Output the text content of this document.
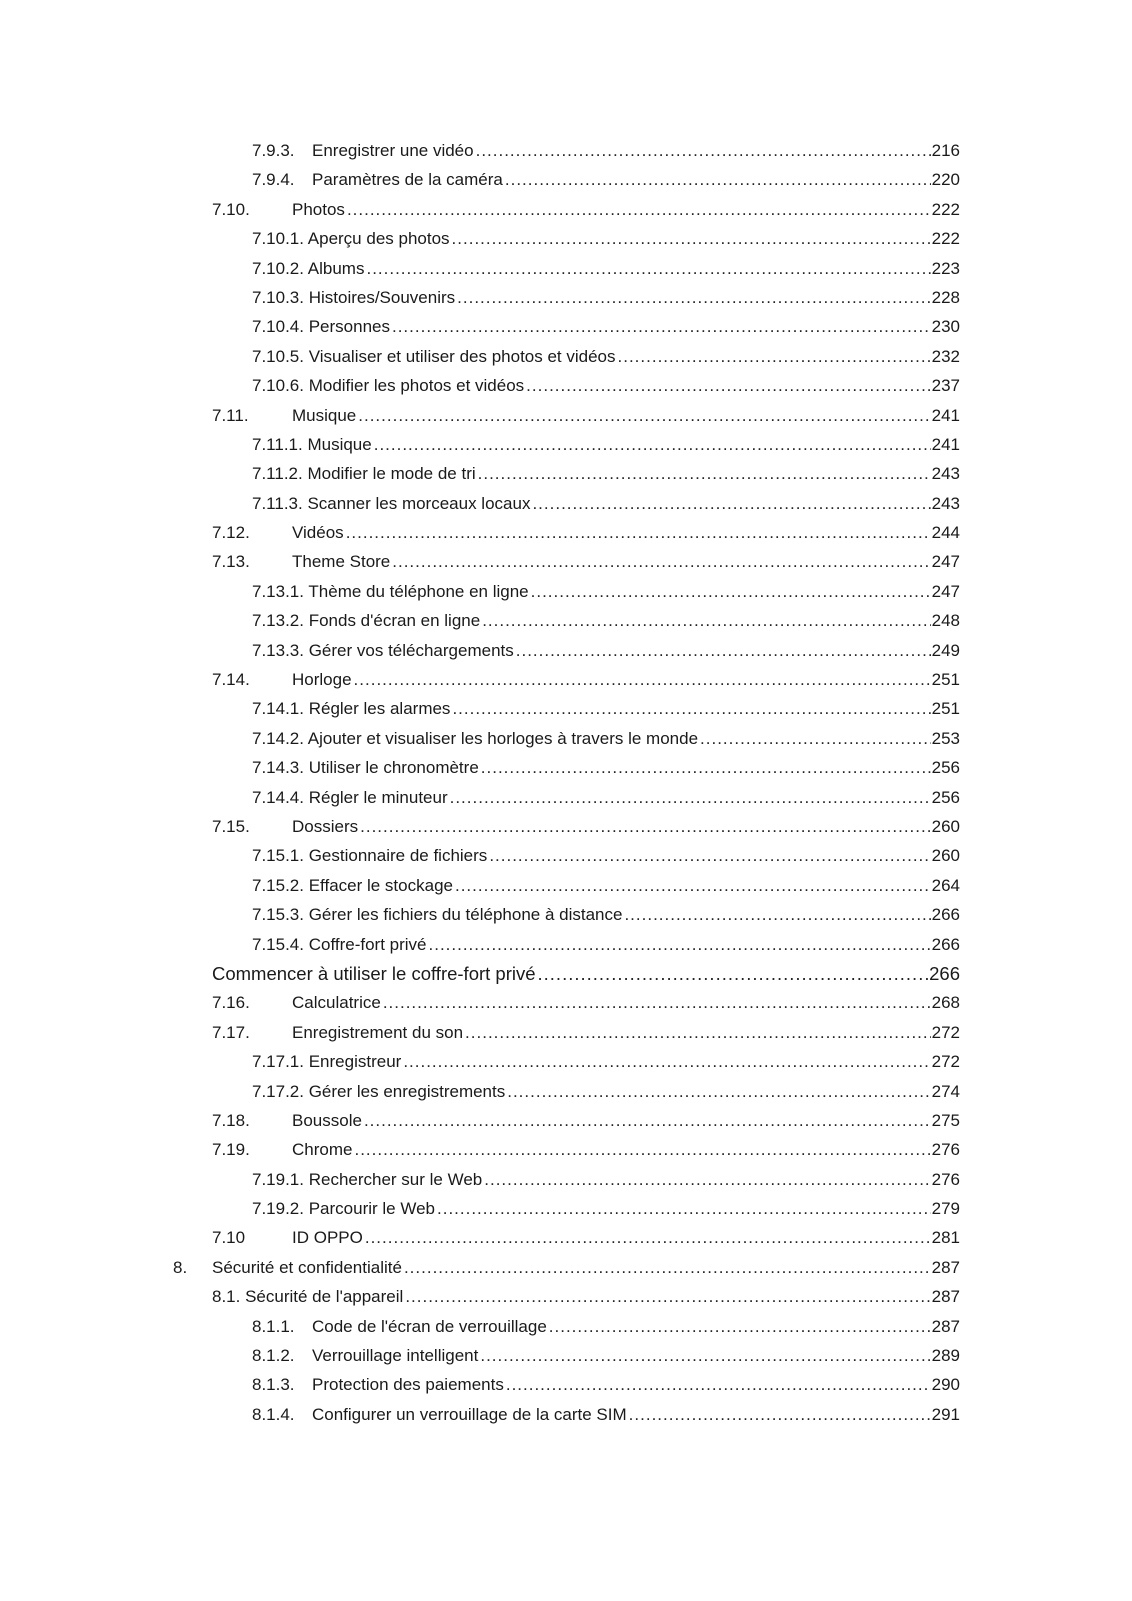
7.9.3. Enregistrer une vidéo .....	216
7.9.4. Paramètres de la caméra .....	220
7.10. Photos .....	222
7.10.1. Aperçu des photos .....	222
7.10.2. Albums .....	223
7.10.3. Histoires/Souvenirs .....	228
7.10.4. Personnes .....	230
7.10.5. Visualiser et utiliser des photos et vidéos .....	232
7.10.6. Modifier les photos et vidéos .....	237
7.11.	Musique .....	241
7.11.1. Musique .....	241
7.11.2. Modifier le mode de tri .....	243
7.11.3. Scanner les morceaux locaux .....	243
7.12. Vidéos .....	244
7.13. Theme Store .....	247
7.13.1. Thème du téléphone en ligne .....	247
7.13.2. Fonds d'écran en ligne .....	248
7.13.3. Gérer vos téléchargements .....	249
7.14. Horloge .....	251
7.14.1. Régler les alarmes .....	251
7.14.2. Ajouter et visualiser les horloges à travers le monde .....	253
7.14.3. Utiliser le chronomètre .....	256
7.14.4. Régler le minuteur .....	256
7.15. Dossiers .....	260
7.15.1. Gestionnaire de fichiers .....	260
7.15.2. Effacer le stockage .....	264
7.15.3. Gérer les fichiers du téléphone à distance .....	266
7.15.4. Coffre-fort privé .....	266
Commencer à utiliser le coffre-fort privé .....	266
7.16. Calculatrice .....	268
7.17. Enregistrement du son .....	272
7.17.1. Enregistreur .....	272
7.17.2. Gérer les enregistrements .....	274
7.18. Boussole .....	275
7.19. Chrome .....	276
7.19.1. Rechercher sur le Web .....	276
7.19.2. Parcourir le Web .....	279
7.10	ID OPPO .....	281
8. Sécurité et confidentialité .....	287
8.1. Sécurité de l'appareil .....	287
8.1.1. Code de l'écran de verrouillage .....	287
8.1.2. Verrouillage intelligent .....	289
8.1.3. Protection des paiements .....	290
8.1.4. Configurer un verrouillage de la carte SIM .....	291
